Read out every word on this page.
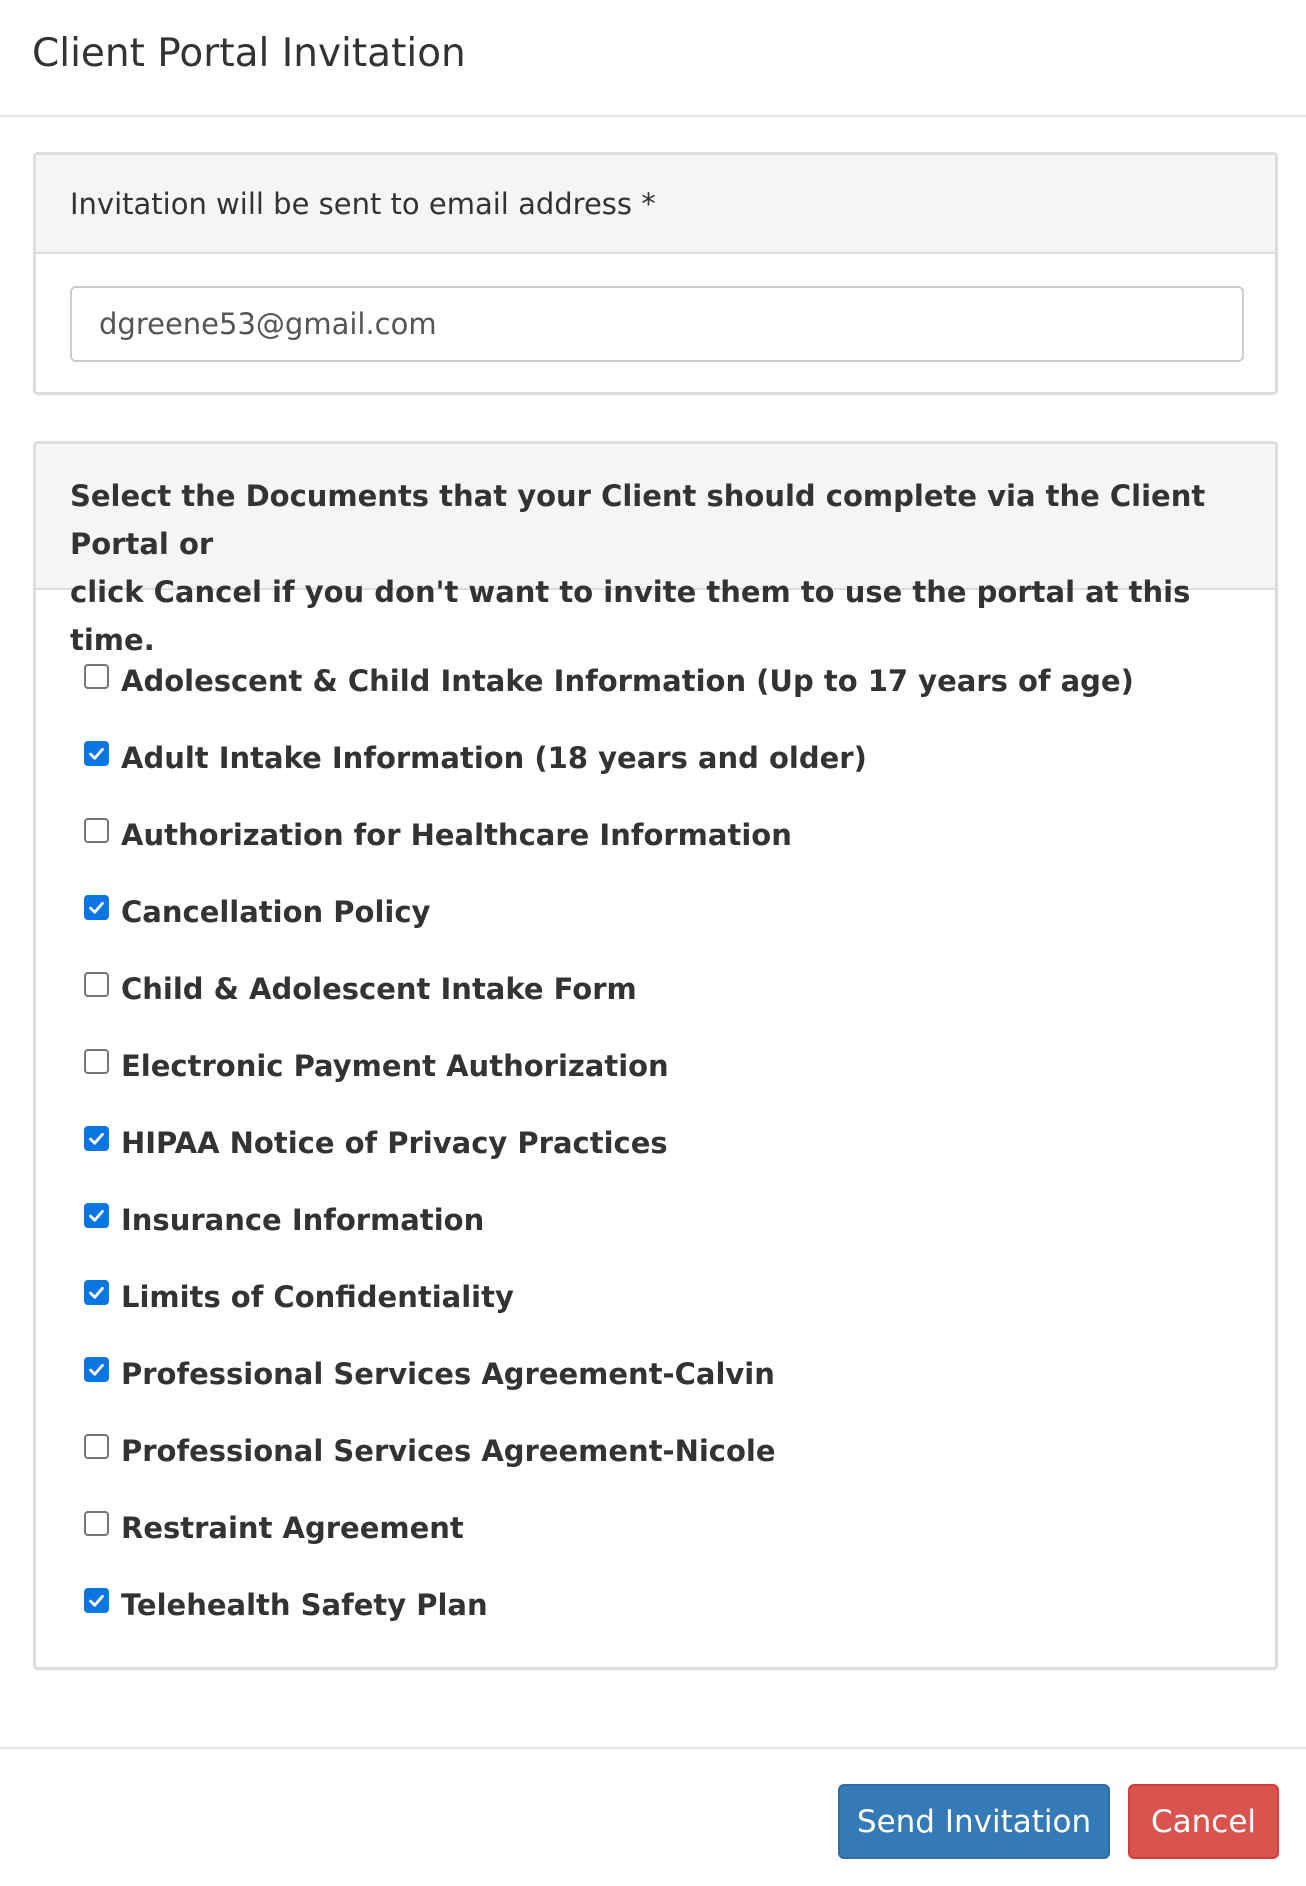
Client Portal Invitation
Invitation will be sent to email address *
dgreene53@gmail.com

Select the Documents that your Client should complete via the Client Portal or

click Cancel if you don't want to invite them to use the portal at this time.

Adolescent & Child Intake Information (Up to 17 years of age)
Adult Intake Information (18 years and older)
Authorization for Healthcare Information
Cancellation Policy
Child & Adolescent Intake Form
Electronic Payment Authorization
HIPAA Notice of Privacy Practices
Insurance Information
Limits of Confidentiality
Professional Services Agreement-Calvin
Professional Services Agreement-Nicole
Restraint Agreement
Telehealth Safety Plan
Send Invitation	Cancel
